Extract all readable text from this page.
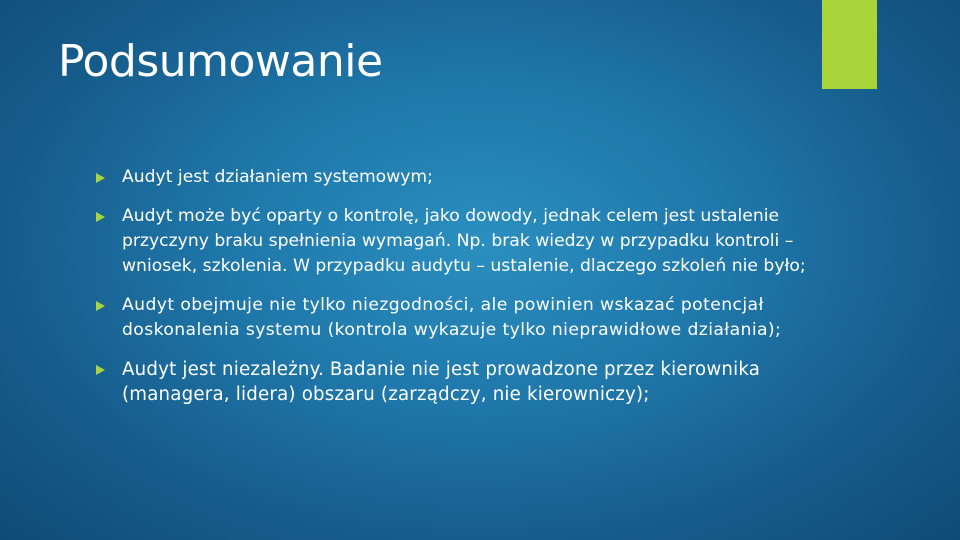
Podsumowanie
Audyt jest działaniem systemowym;
Audyt może być oparty o kontrolę, jako dowody, jednak celem jest ustalenie przyczyny braku spełnienia wymagań. Np. brak wiedzy w przypadku kontroli – wniosek, szkolenia. W przypadku audytu – ustalenie, dlaczego szkoleń nie było;
Audyt obejmuje nie tylko niezgodności, ale powinien wskazać potencjał doskonalenia systemu (kontrola wykazuje tylko nieprawidłowe działania);
Audyt jest niezależny. Badanie nie jest prowadzone przez kierownika (managera, lidera) obszaru (zarządczy, nie kierowniczy);
